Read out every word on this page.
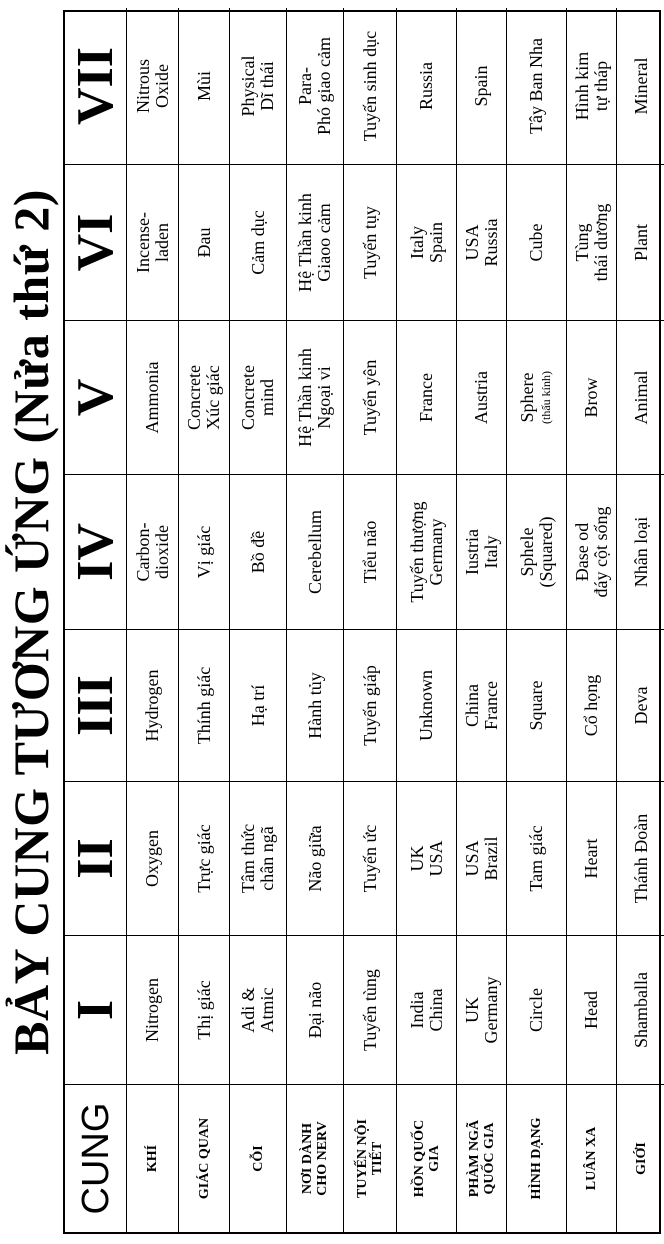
BẢY CUNG TƯƠNG ỨNG (Nửa thứ 2)
CUNG
I
II
III
IV
V
VI
VII
KHÍ
Nitrogen
Oxygen
Hydrogen
Carbon-
dioxide
Ammonia
Incense-
laden
Nitrous
Oxide
GIÁC QUAN
Thị giác
Trực giác
Thính giác
Vị giác
Concrete
Xúc giác
Đau
Mùi
CỖI
Adi &
Atmic
Tâm thức
chân ngã
Hạ trí
Bồ đề
Concrete
mind
Cảm dục
Physical
Dĩ thái
NƠI DÀNH
CHO NERV
Đại não
Não giữa
Hành tủy
Cerebellum
Hệ Thần kinh
Ngoại vi
Hệ Thần kinh
Giaoo cảm
Para-
Phó giao cảm
TUYẾN NỘI
TIẾT
Tuyến tùng
Tuyến ức
Tuyến giáp
Tiểu não
Tuyến yên
Tuyến tụy
Tuyến sinh dục
HỒN QUỐC
GIA
India
China
UK
USA
Unknown
Tuyến thượng
Germany
France
Italy
Spain
Russia
PHÀM NGÃ
QUỐC GIA
UK
Germany
USA
Brazil
China
France
Iustria
Italy
Austria
USA
Russia
Spain
HÌNH DẠNG
Circle
Tam giác
Square
Sphele
(Squared)
Sphere (thấu kính)
Cube
Tây Ban Nha
LUÂN XA
Head
Heart
Cổ họng
Đase od
đáy cột sống
Brow
Tùng
thái dương
Hình kim
tự tháp
GIỚI
Shamballa
Thánh Đoàn
Deva
Nhân loại
Animal
Plant
Mineral
